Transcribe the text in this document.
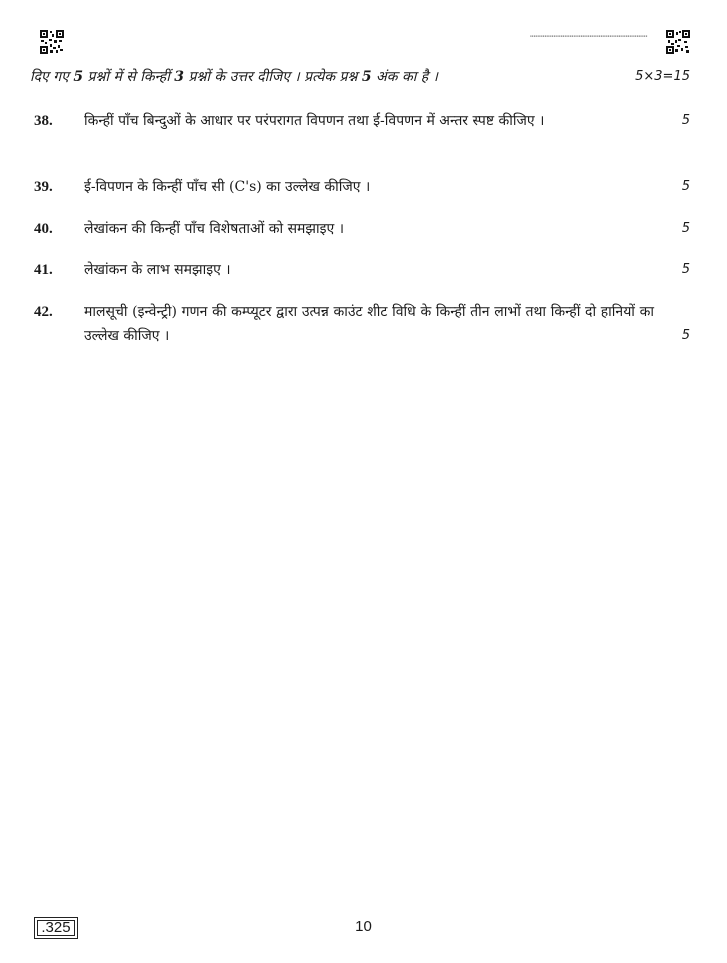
▪▪▪▪▪▪▪▪▪▪▪▪▪▪▪▪▪▪▪▪▪▪▪▪▪▪▪▪▪▪▪▪▪▪▪▪▪▪▪▪▪▪▪▪▪▪▪▪▪▪▪▪▪▪▪▪▪▪▪▪▪▪▪▪▪
दिए गए 5 प्रश्नों में से किन्हीं 3 प्रश्नों के उत्तर दीजिए । प्रत्येक प्रश्न 5 अंक का है ।	5×3=15
38. किन्हीं पाँच बिन्दुओं के आधार पर परंपरागत विपणन तथा ई-विपणन में अन्तर स्पष्ट कीजिए ।	5
39. ई-विपणन के किन्हीं पाँच सी (C's) का उल्लेख कीजिए ।	5
40. लेखांकन की किन्हीं पाँच विशेषताओं को समझाइए ।	5
41. लेखांकन के लाभ समझाइए ।	5
42. मालसूची (इन्वेन्ट्री) गणन की कम्प्यूटर द्वारा उत्पन्न काउंट शीट विधि के किन्हीं तीन लाभों तथा किन्हीं दो हानियों का उल्लेख कीजिए ।	5
.325	10
